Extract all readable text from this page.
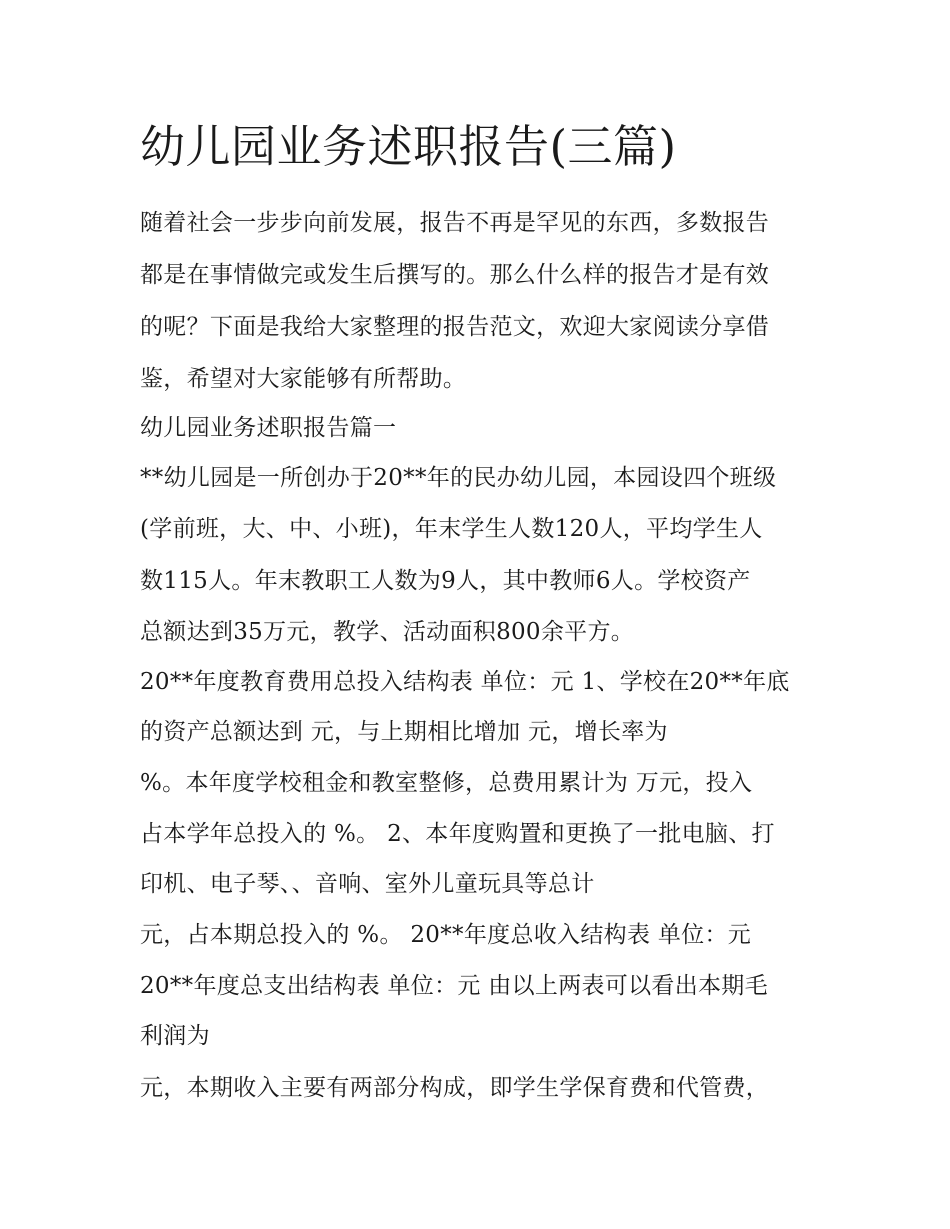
幼儿园业务述职报告(三篇)

随着社会一步步向前发展，报告不再是罕见的东西，多数报告

都是在事情做完或发生后撰写的。那么什么样的报告才是有效

的呢？下面是我给大家整理的报告范文，欢迎大家阅读分享借

鉴，希望对大家能够有所帮助。

幼儿园业务述职报告篇一

**幼儿园是一所创办于20**年的民办幼儿园，本园设四个班级

(学前班，大、中、小班)，年末学生人数120人，平均学生人

数115人。年末教职工人数为9人，其中教师6人。学校资产

总额达到35万元，教学、活动面积800余平方。

20**年度教育费用总投入结构表 单位：元 1、学校在20**年底

的资产总额达到 元，与上期相比增加 元，增长率为

%。本年度学校租金和教室整修，总费用累计为 万元，投入

占本学年总投入的 %。 2、本年度购置和更换了一批电脑、打

印机、电子琴、、音响、室外儿童玩具等总计

元，占本期总投入的 %。 20**年度总收入结构表 单位：元

20**年度总支出结构表 单位：元 由以上两表可以看出本期毛

利润为

元，本期收入主要有两部分构成，即学生学保育费和代管费，
